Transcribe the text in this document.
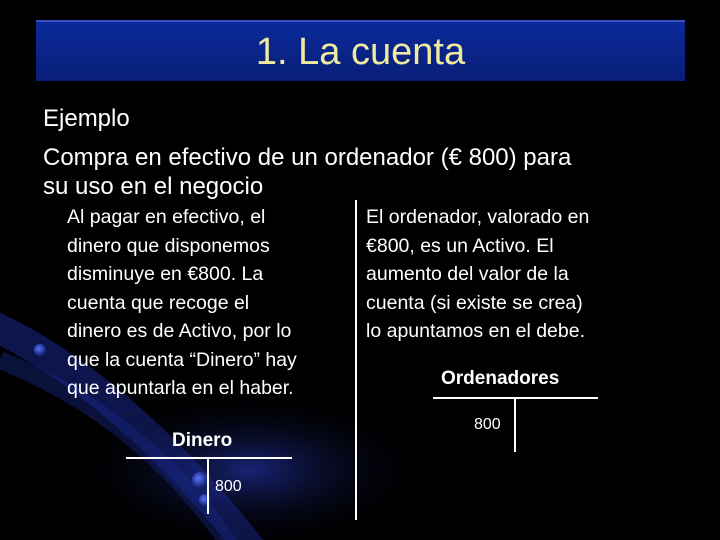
1. La cuenta
Ejemplo
Compra en efectivo de un ordenador (€ 800) para
su uso en el negocio
Al pagar en efectivo, el
dinero que disponemos
disminuye en €800. La
cuenta que recoge el
dinero es de Activo, por lo
que la cuenta “Dinero” hay
que apuntarla en el haber.
El ordenador, valorado en
€800, es un Activo. El
aumento del valor de la
cuenta (si existe se crea)
lo apuntamos en el debe.
Ordenadores
800
Dinero
800
